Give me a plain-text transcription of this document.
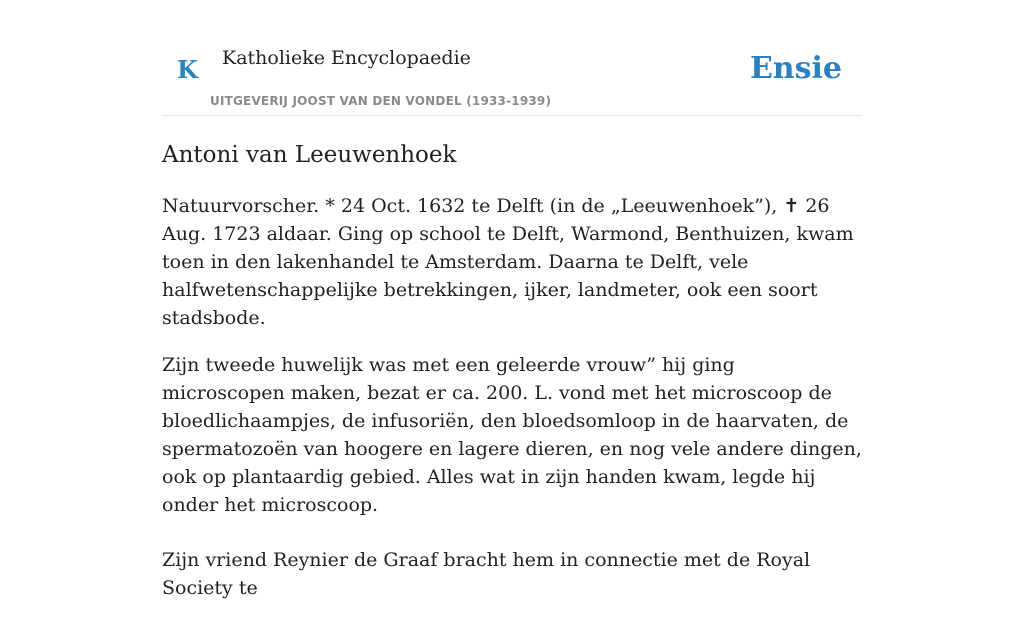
K Katholieke Encyclopaedie
UITGEVERIJ JOOST VAN DEN VONDEL (1933-1939)
Ensie
Antoni van Leeuwenhoek

Natuurvorscher. * 24 Oct. 1632 te Delft (in de „Leeuwenhoek”), ✝ 26 Aug. 1723 aldaar. Ging op school te Delft, Warmond, Benthuizen, kwam toen in den lakenhandel te Amsterdam. Daarna te Delft, vele halfwetenschappelijke betrekkingen, ijker, landmeter, ook een soort stadsbode.

Zijn tweede huwelijk was met een geleerde vrouw” hij ging microscopen maken, bezat er ca. 200. L. vond met het microscoop de bloedlichaampjes, de infusoriën, den bloedsomloop in de haarvaten, de spermatozoën van hoogere en lagere dieren, en nog vele andere dingen, ook op plantaardig gebied. Alles wat in zijn handen kwam, legde hij onder het microscoop.

Zijn vriend Reynier de Graaf bracht hem in connectie met de Royal Society te
